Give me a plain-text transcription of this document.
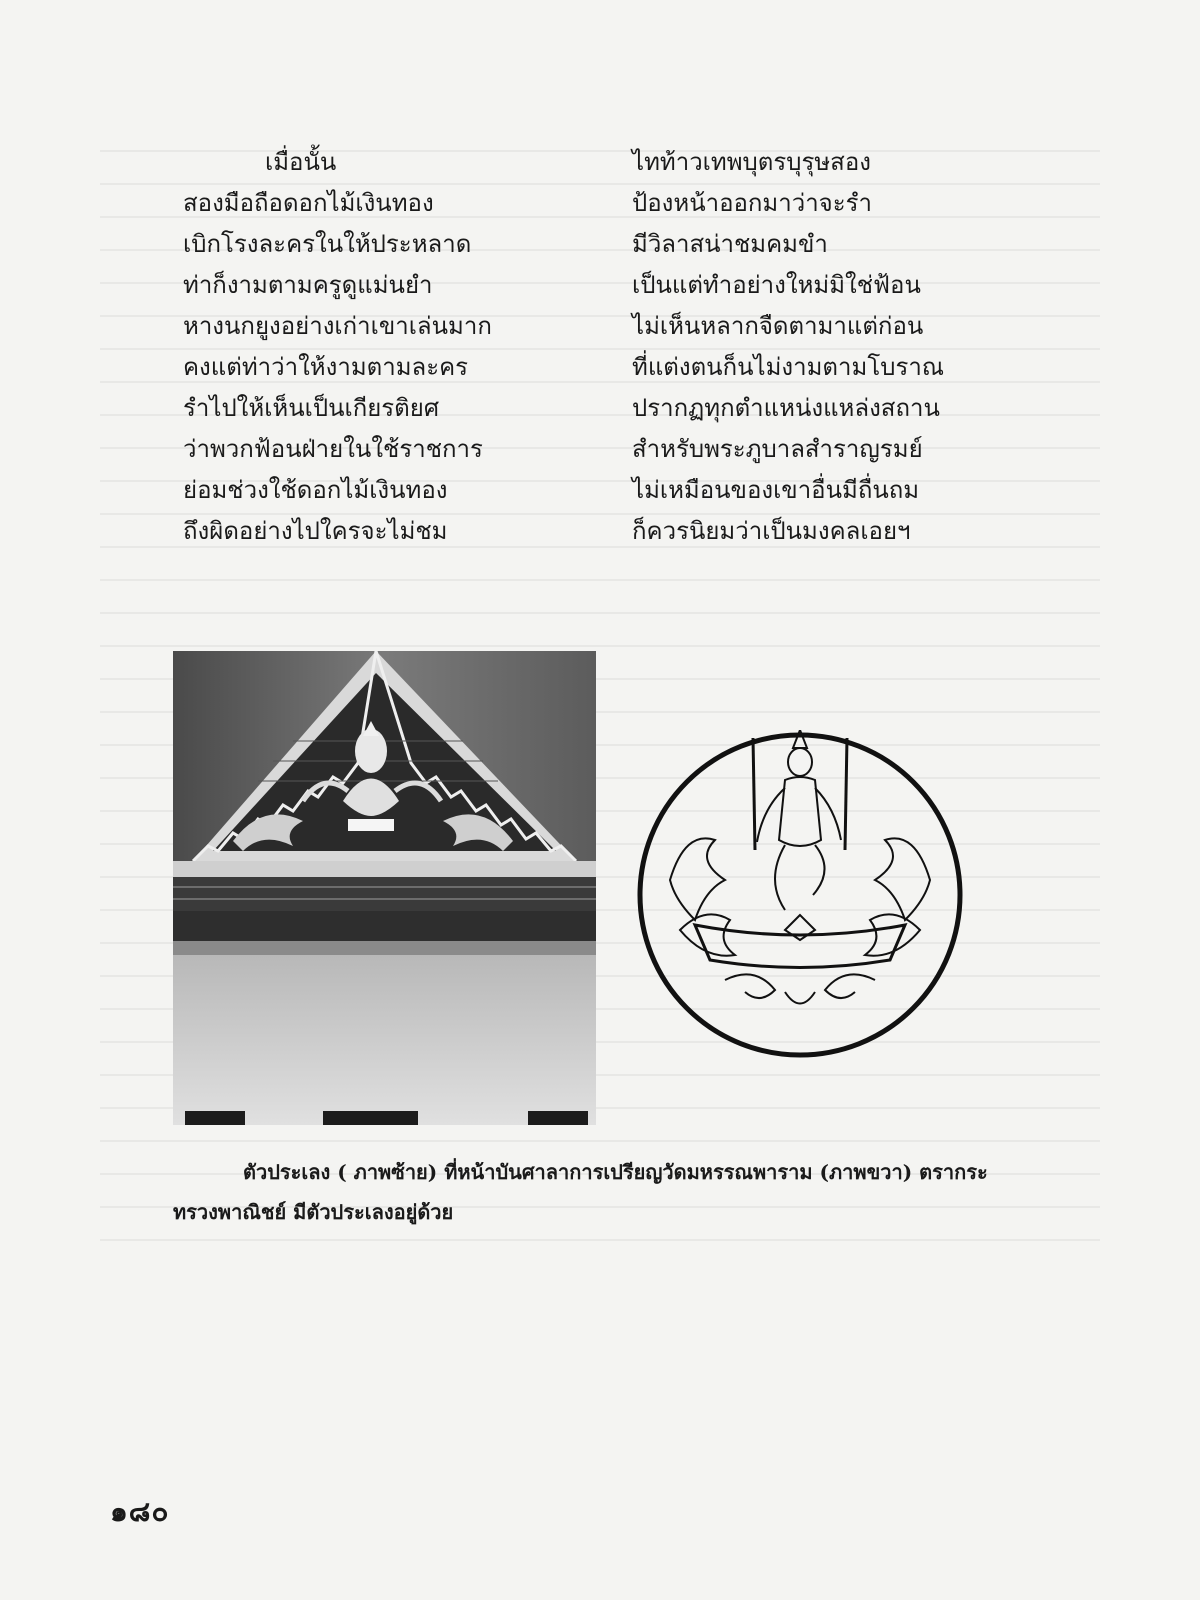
เมื่อนั้น	ไทท้าวเทพบุตรบุรุษสอง
สองมือถือดอกไม้เงินทอง	ป้องหน้าออกมาว่าจะรำ
เบิกโรงละครในให้ประหลาด	มีวิลาสน่าชมคมขำ
ท่าก็งามตามครูดูแม่นยำ	เป็นแต่ทำอย่างใหม่มิใช่ฟ้อน
หางนกยูงอย่างเก่าเขาเล่นมาก	ไม่เห็นหลากจืดตามาแต่ก่อน
คงแต่ท่าว่าให้งามตามละคร	ที่แต่งตนก็นไม่งามตามโบราณ
รำไปให้เห็นเป็นเกียรติยศ	ปรากฏทุกตำแหน่งแหล่งสถาน
ว่าพวกฟ้อนฝ่ายในใช้ราชการ	สำหรับพระภูบาลสำราญรมย์
ย่อมช่วงใช้ดอกไม้เงินทอง	ไม่เหมือนของเขาอื่นมีถื่นถม
ถึงผิดอย่างไปใครจะไม่ชม	ก็ควรนิยมว่าเป็นมงคลเอยฯ
ตัวประเลง ( ภาพซ้าย) ที่หน้าบันศาลาการเปรียญวัดมหรรณพาราม (ภาพขวา) ตรากระ
ทรวงพาณิชย์ มีตัวประเลงอยู่ด้วย
๑๘๐
